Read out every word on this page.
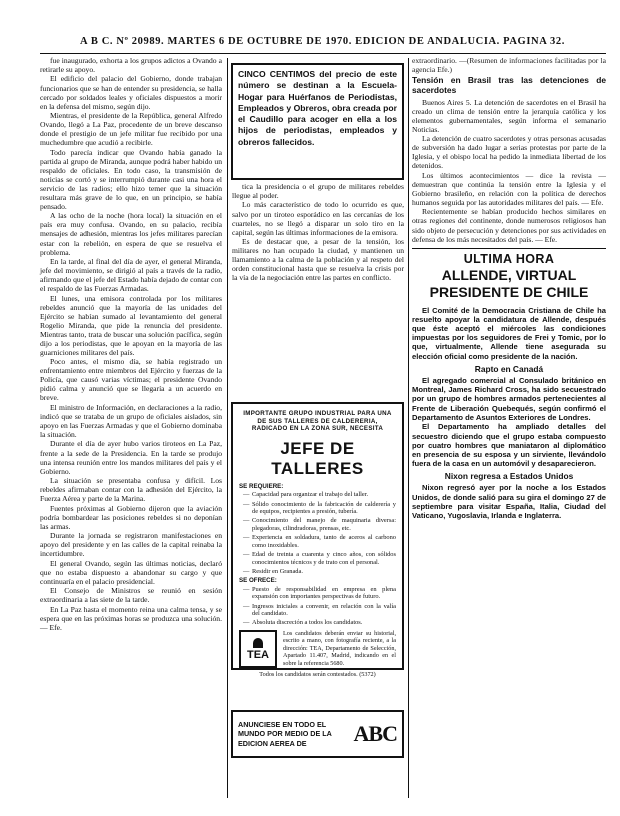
A B C. Nº 20989. MARTES 6 DE OCTUBRE DE 1970. EDICION DE ANDALUCIA. PAGINA 32.

fue inaugurado, exhorta a los grupos adictos a Ovando a retirarle su apoyo.

El edificio del palacio del Gobierno, donde trabajan funcionarios que se han de entender su presidencia, se halla cercado por soldados leales y oficiales dispuestos a morir en la defensa del mismo, según dijo.

Mientras, el presidente de la República, general Alfredo Ovando, llegó a La Paz, procedente de un breve descanso donde el prestigio de un jefe militar fue recibido por una muchedumbre que acudió a recibirle.

Todo parecía indicar que Ovando había ganado la partida al grupo de Miranda, aunque podrá haber habido un respaldo de oficiales. En todo caso, la transmisión de noticias se cortó y se interrumpió durante casi una hora el servicio de las radios; ello hizo temer que la situación resultara más grave de lo que, en un principio, se había pensado.

A las ocho de la noche (hora local) la situación en el país era muy confusa. Ovando, en su palacio, recibía mensajes de adhesión, mientras los jefes militares parecían estar con la rebelión, en espera de que se resuelva el problema.

En la tarde, al final del día de ayer, el general Miranda, jefe del movimiento, se dirigió al país a través de la radio, afirmando que el jefe del Estado había dejado de contar con el respaldo de las Fuerzas Armadas.

El lunes, una emisora controlada por los militares rebeldes anunció que la mayoría de las unidades del Ejército se habían sumado al levantamiento del general Rogelio Miranda, que pide la renuncia del presidente. Mientras tanto, trata de buscar una solución pacífica, según dijo a los periodistas, que le apoyan en la mayoría de las guarniciones militares del país.

Poco antes, el mismo día, se había registrado un enfrentamiento entre miembros del Ejército y fuerzas de la Policía, que causó varias víctimas; el presidente Ovando pidió calma y anunció que se llegaría a un acuerdo en breve.

El ministro de Información, en declaraciones a la radio, indicó que se trataba de un grupo de oficiales aislados, sin apoyo en las Fuerzas Armadas y que el Gobierno dominaba la situación.

Durante el día de ayer hubo varios tiroteos en La Paz, frente a la sede de la Presidencia. En la tarde se produjo una intensa reunión entre los mandos militares del país y el Gobierno.

La situación se presentaba confusa y difícil. Los rebeldes afirmaban contar con la adhesión del Ejército, la Fuerza Aérea y parte de la Marina.

Fuentes próximas al Gobierno dijeron que la aviación podría bombardear las posiciones rebeldes si no deponían las armas.

Durante la jornada se registraron manifestaciones en apoyo del presidente y en las calles de la capital reinaba la incertidumbre.

El general Ovando, según las últimas noticias, declaró que no estaba dispuesto a abandonar su cargo y que continuaría en el palacio presidencial.

El Consejo de Ministros se reunió en sesión extraordinaria a las siete de la tarde.

En La Paz hasta el momento reina una calma tensa, y se espera que en las próximas horas se produzca una solución. — Efe.

CINCO CENTIMOS del precio de este número se destinan a la Escuela-Hogar para Huérfanos de Periodistas, Empleados y Obreros, obra creada por el Caudillo para acoger en ella a los hijos de periodistas, empleados y obreros fallecidos.

tica la presidencia o el grupo de militares rebeldes llegue al poder.

Lo más característico de todo lo ocurrido es que, salvo por un tiroteo esporádico en las cercanías de los cuarteles, no se llegó a disparar un solo tiro en la capital, según las últimas informaciones de la emisora.

Es de destacar que, a pesar de la tensión, los militares no han ocupado la ciudad, y mantienen un llamamiento a la calma de la población y al respeto del orden constitucional hasta que se resuelva la crisis por la vía de la negociación entre las partes en conflicto.

IMPORTANTE GRUPO INDUSTRIAL PARA UNA DE SUS TALLERES DE CALDERERIA, RADICADO EN LA ZONA SUR, NECESITA
JEFE DE TALLERES
SE REQUIERE:
— Capacidad para organizar el trabajo del taller.
— Sólido conocimiento de la fabricación de calderería y de equipos, recipientes a presión, tubería.
— Conocimiento del manejo de maquinaria diversa: plegadoras, cilindradoras, prensas, etc.
— Experiencia en soldadura, tanto de aceros al carbono como inoxidables.
— Edad de treinta a cuarenta y cinco años, con sólidos conocimientos técnicos y de trato con el personal.
— Residir en Granada.
SE OFRECE:
— Puesto de responsabilidad en empresa en plena expansión con importantes perspectivas de futuro.
— Ingresos iniciales a convenir, en relación con la valía del candidato.
— Absoluta discreción a todos los candidatos.
TEA
Los candidatos deberán enviar su historial, escrito a mano, con fotografía reciente, a la dirección: TEA, Departamento de Selección, Apartado 11.407, Madrid, indicando en el sobre la referencia 5680.
Todos los candidatos serán contestados. (5372)
ANUNCIESE EN TODO EL MUNDO POR MEDIO DE LA EDICION AEREA DE	ABC

extraordinario. —(Resumen de informaciones facilitadas por la agencia Efe.)

Tensión en Brasil tras las detenciones de sacerdotes

Buenos Aires 5. La detención de sacerdotes en el Brasil ha creado un clima de tensión entre la jerarquía católica y los elementos gubernamentales, según informa el semanario Noticias.

La detención de cuatro sacerdotes y otras personas acusadas de subversión ha dado lugar a serias protestas por parte de la Iglesia, y el obispo local ha pedido la inmediata libertad de los detenidos.

Los últimos acontecimientos — dice la revista — demuestran que continúa la tensión entre la Iglesia y el Gobierno brasileño, en relación con la política de derechos humanos seguida por las autoridades militares del país. — Efe.

Recientemente se habían producido hechos similares en otras regiones del continente, donde numerosos religiosos han sido objeto de persecución y detenciones por sus actividades en defensa de los más necesitados del país. — Efe.

ULTIMA HORA
ALLENDE, VIRTUAL PRESIDENTE DE CHILE

El Comité de la Democracia Cristiana de Chile ha resuelto apoyar la candidatura de Allende, después que éste aceptó el miércoles las condiciones impuestas por los seguidores de Frei y Tomic, por lo que, virtualmente, Allende tiene asegurada su elección oficial como presidente de la nación.

Rapto en Canadá

El agregado comercial al Consulado británico en Montreal, James Richard Cross, ha sido secuestrado por un grupo de hombres armados pertenecientes al Frente de Liberación Quebequés, según confirmó el Departamento de Asuntos Exteriores de Londres.

El Departamento ha ampliado detalles del secuestro diciendo que el grupo estaba compuesto por cuatro hombres que maniataron al diplomático en presencia de su esposa y un sirviente, llevándolo fuera de la casa en un automóvil y desaparecieron.

Nixon regresa a Estados Unidos

Nixon regresó ayer por la noche a los Estados Unidos, de donde salió para su gira el domingo 27 de septiembre para visitar España, Italia, Ciudad del Vaticano, Yugoslavia, Irlanda e Inglaterra.
